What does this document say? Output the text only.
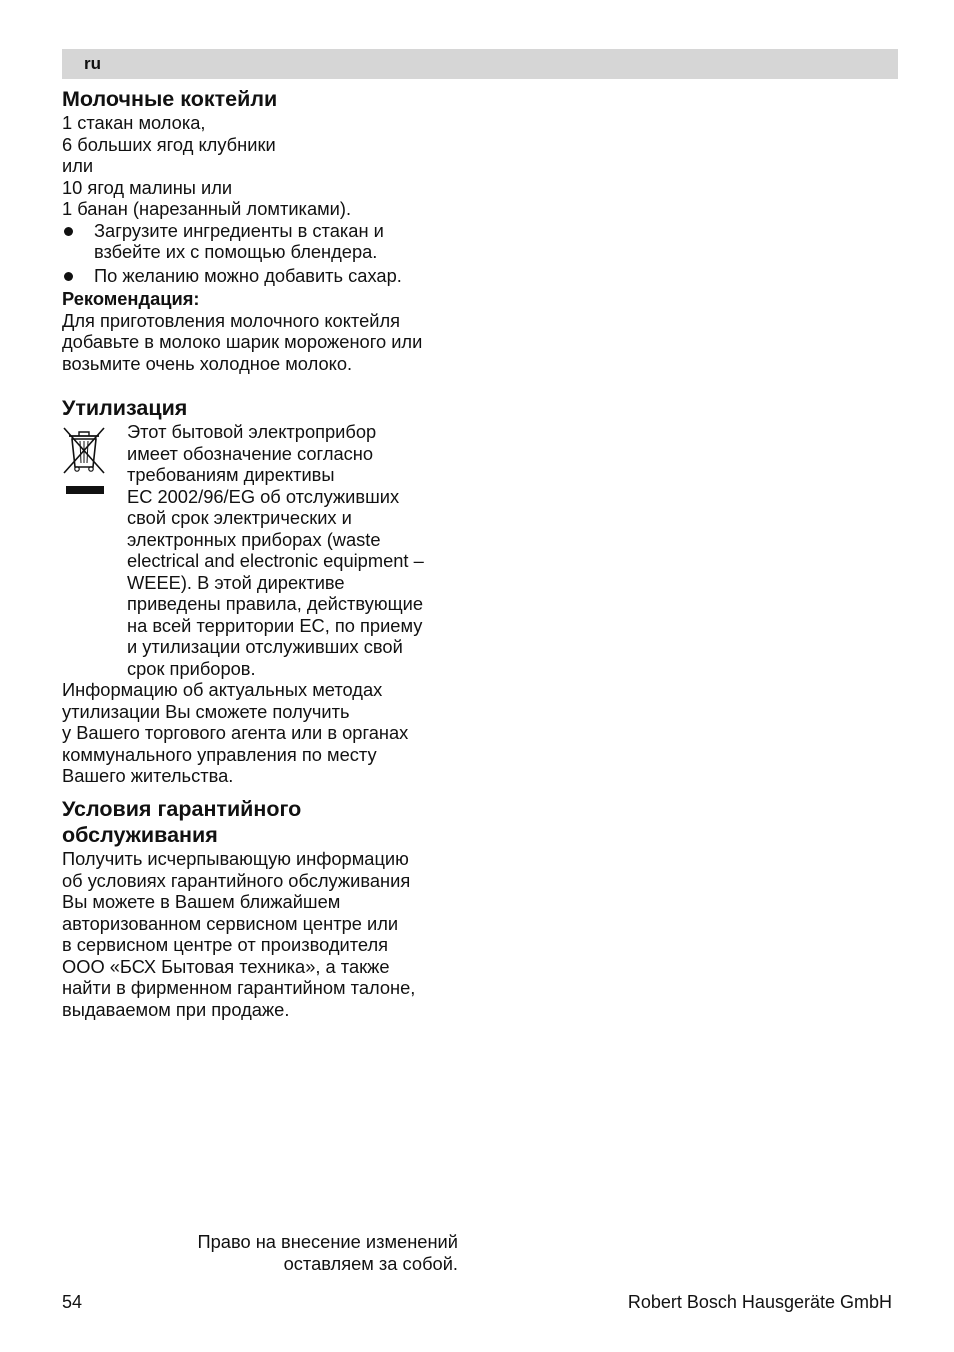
ru
Молочные коктейли

1 стакан молока,

6 больших ягод клубники

или

10 ягод малины или

1 банан (нарезанный ломтиками).

Загрузите ингредиенты в стакан и

взбейте их с помощью блендера.

По желанию можно добавить сахар.

Рекомендация:

Для приготовления молочного коктейля

добавьте в молоко шарик мороженого или

возьмите очень холодное молоко.

Утилизация

Этот бытовой электроприбор

имеет обозначение согласно

требованиям директивы

ЕС 2002/96/EG об отслуживших

свой срок электрических и

электронных приборах (waste

electrical and electronic equipment –

WEEE). В этой директиве

приведены правила, действующие

на всей территории ЕС, по приему

и утилизации отслуживших свой

срок приборов.

Информацию об актуальных методах

утилизации Вы сможете получить

у Вашего торгового агента или в органах

коммунального управления по месту

Вашего жительства.

Условия гарантийного
обслуживания

Получить исчерпывающую информацию

об условиях гарантийного обслуживания

Вы можете в Вашем ближайшем

авторизованном сервисном центре или

в сервисном центре от производителя

ООО «БСХ Бытовая техника», а также

найти в фирменном гарантийном талоне,

выдаваемом при продаже.

Право на внесение изменений

оставляем за собой.

54	Robert Bosch Hausgeräte GmbH
